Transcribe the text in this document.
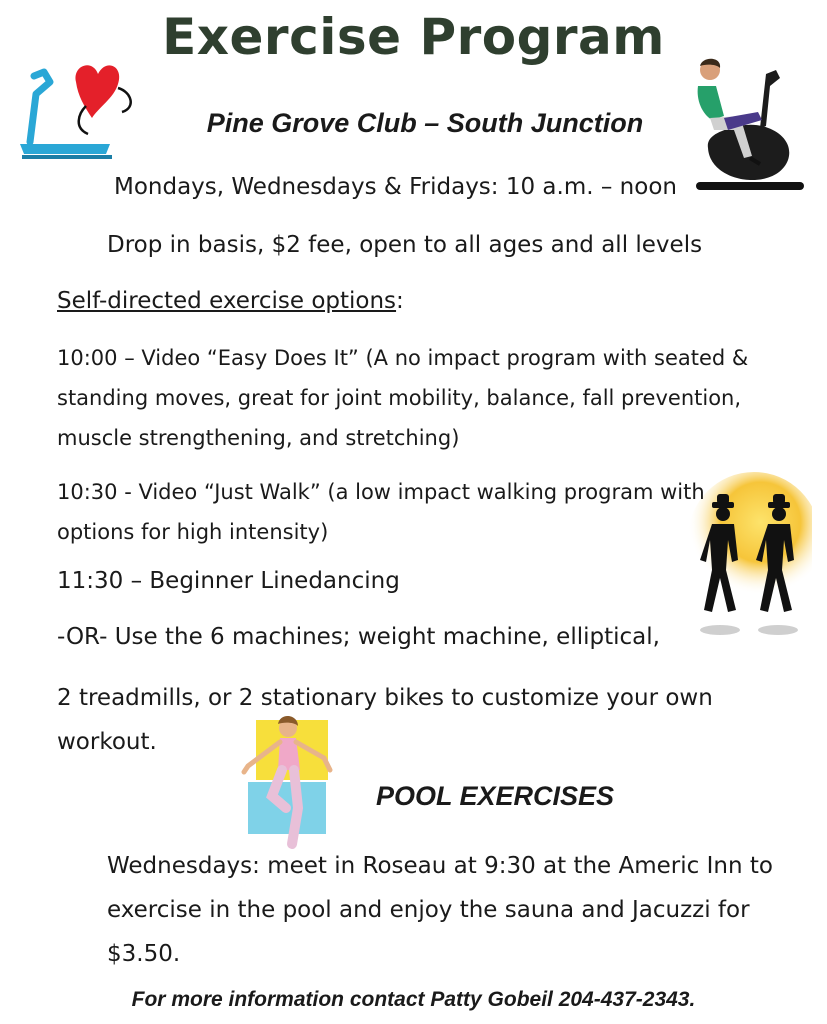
Exercise Program
Pine Grove Club – South Junction

Mondays, Wednesdays & Fridays: 10 a.m. – noon

Drop in basis, $2 fee, open to all ages and all levels

Self-directed exercise options:

10:00 – Video “Easy Does It” (A no impact program with seated & standing moves, great for joint mobility, balance, fall prevention, muscle strengthening, and stretching)

10:30 - Video “Just Walk” (a low impact walking program with options for high intensity)

11:30 – Beginner Linedancing

-OR- Use the 6 machines; weight machine, elliptical,

2 treadmills, or 2 stationary bikes to customize your own workout.

POOL EXERCISES

Wednesdays: meet in Roseau at 9:30 at the Americ Inn to exercise in the pool and enjoy the sauna and Jacuzzi for $3.50.

For more information contact Patty Gobeil 204-437-2343.
